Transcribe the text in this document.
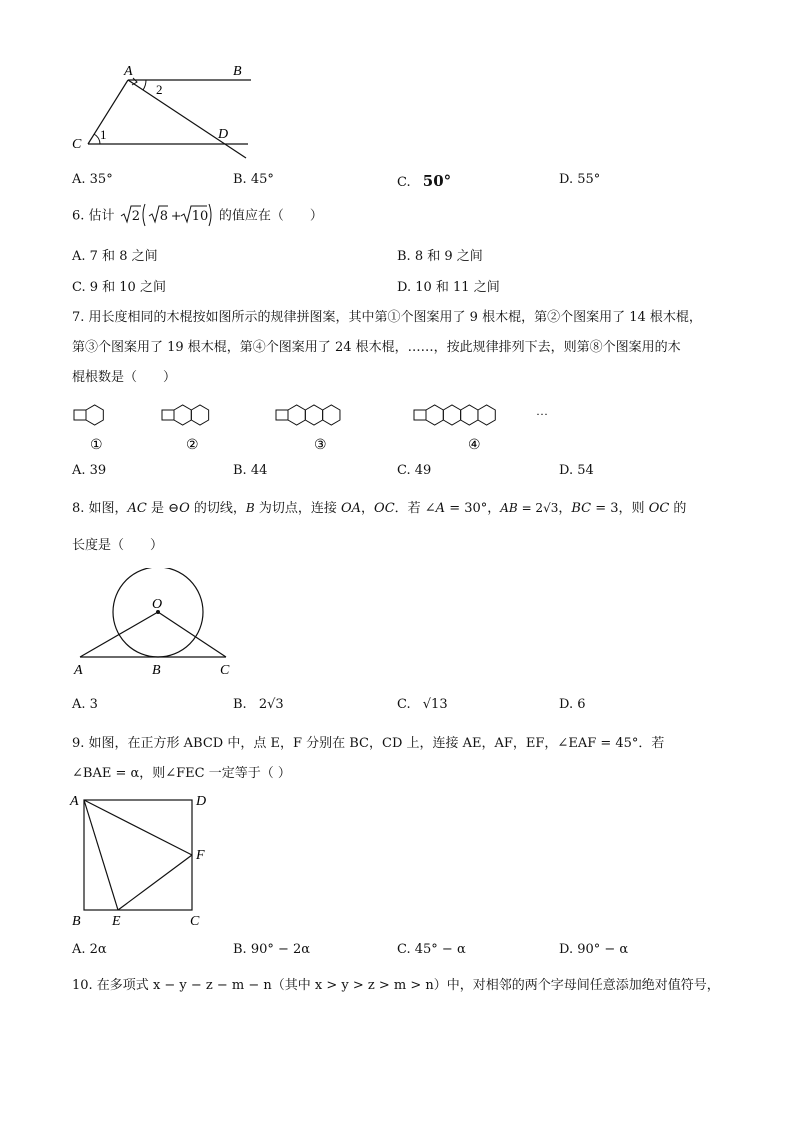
A	B
C
D
1
2
A. 35°	B. 45°	C. 50°	D. 55°
6. 估计 2 8 + 10 的值应在（　　）
A. 7 和 8 之间	B. 8 和 9 之间
C. 9 和 10 之间	D. 10 和 11 之间
7. 用长度相同的木棍按如图所示的规律拼图案，其中第①个图案用了 9 根木棍，第②个图案用了 14 根木棍，
第③个图案用了 19 根木棍，第④个图案用了 24 根木棍，……，按此规律排列下去，则第⑧个图案用的木
棍根数是（　　）
①	②	③	④
···
A. 39	B. 44	C. 49	D. 54
8. 如图，AC 是 ⊖O 的切线，B 为切点，连接 OA，OC．若 ∠A = 30°，AB = 2√3，BC = 3，则 OC 的
长度是（　　）
O
A	B	C
A. 3	B. 2√3	C. √13	D. 6
9. 如图，在正方形 ABCD 中，点 E，F 分别在 BC，CD 上，连接 AE，AF，EF，∠EAF = 45°．若
∠BAE = α，则∠FEC 一定等于（ ）
A	D
F
B E	C
A. 2α	B. 90° − 2α	C. 45° − α	D. 90° − α
10. 在多项式 x − y − z − m − n（其中 x > y > z > m > n）中，对相邻的两个字母间任意添加绝对值符号，
